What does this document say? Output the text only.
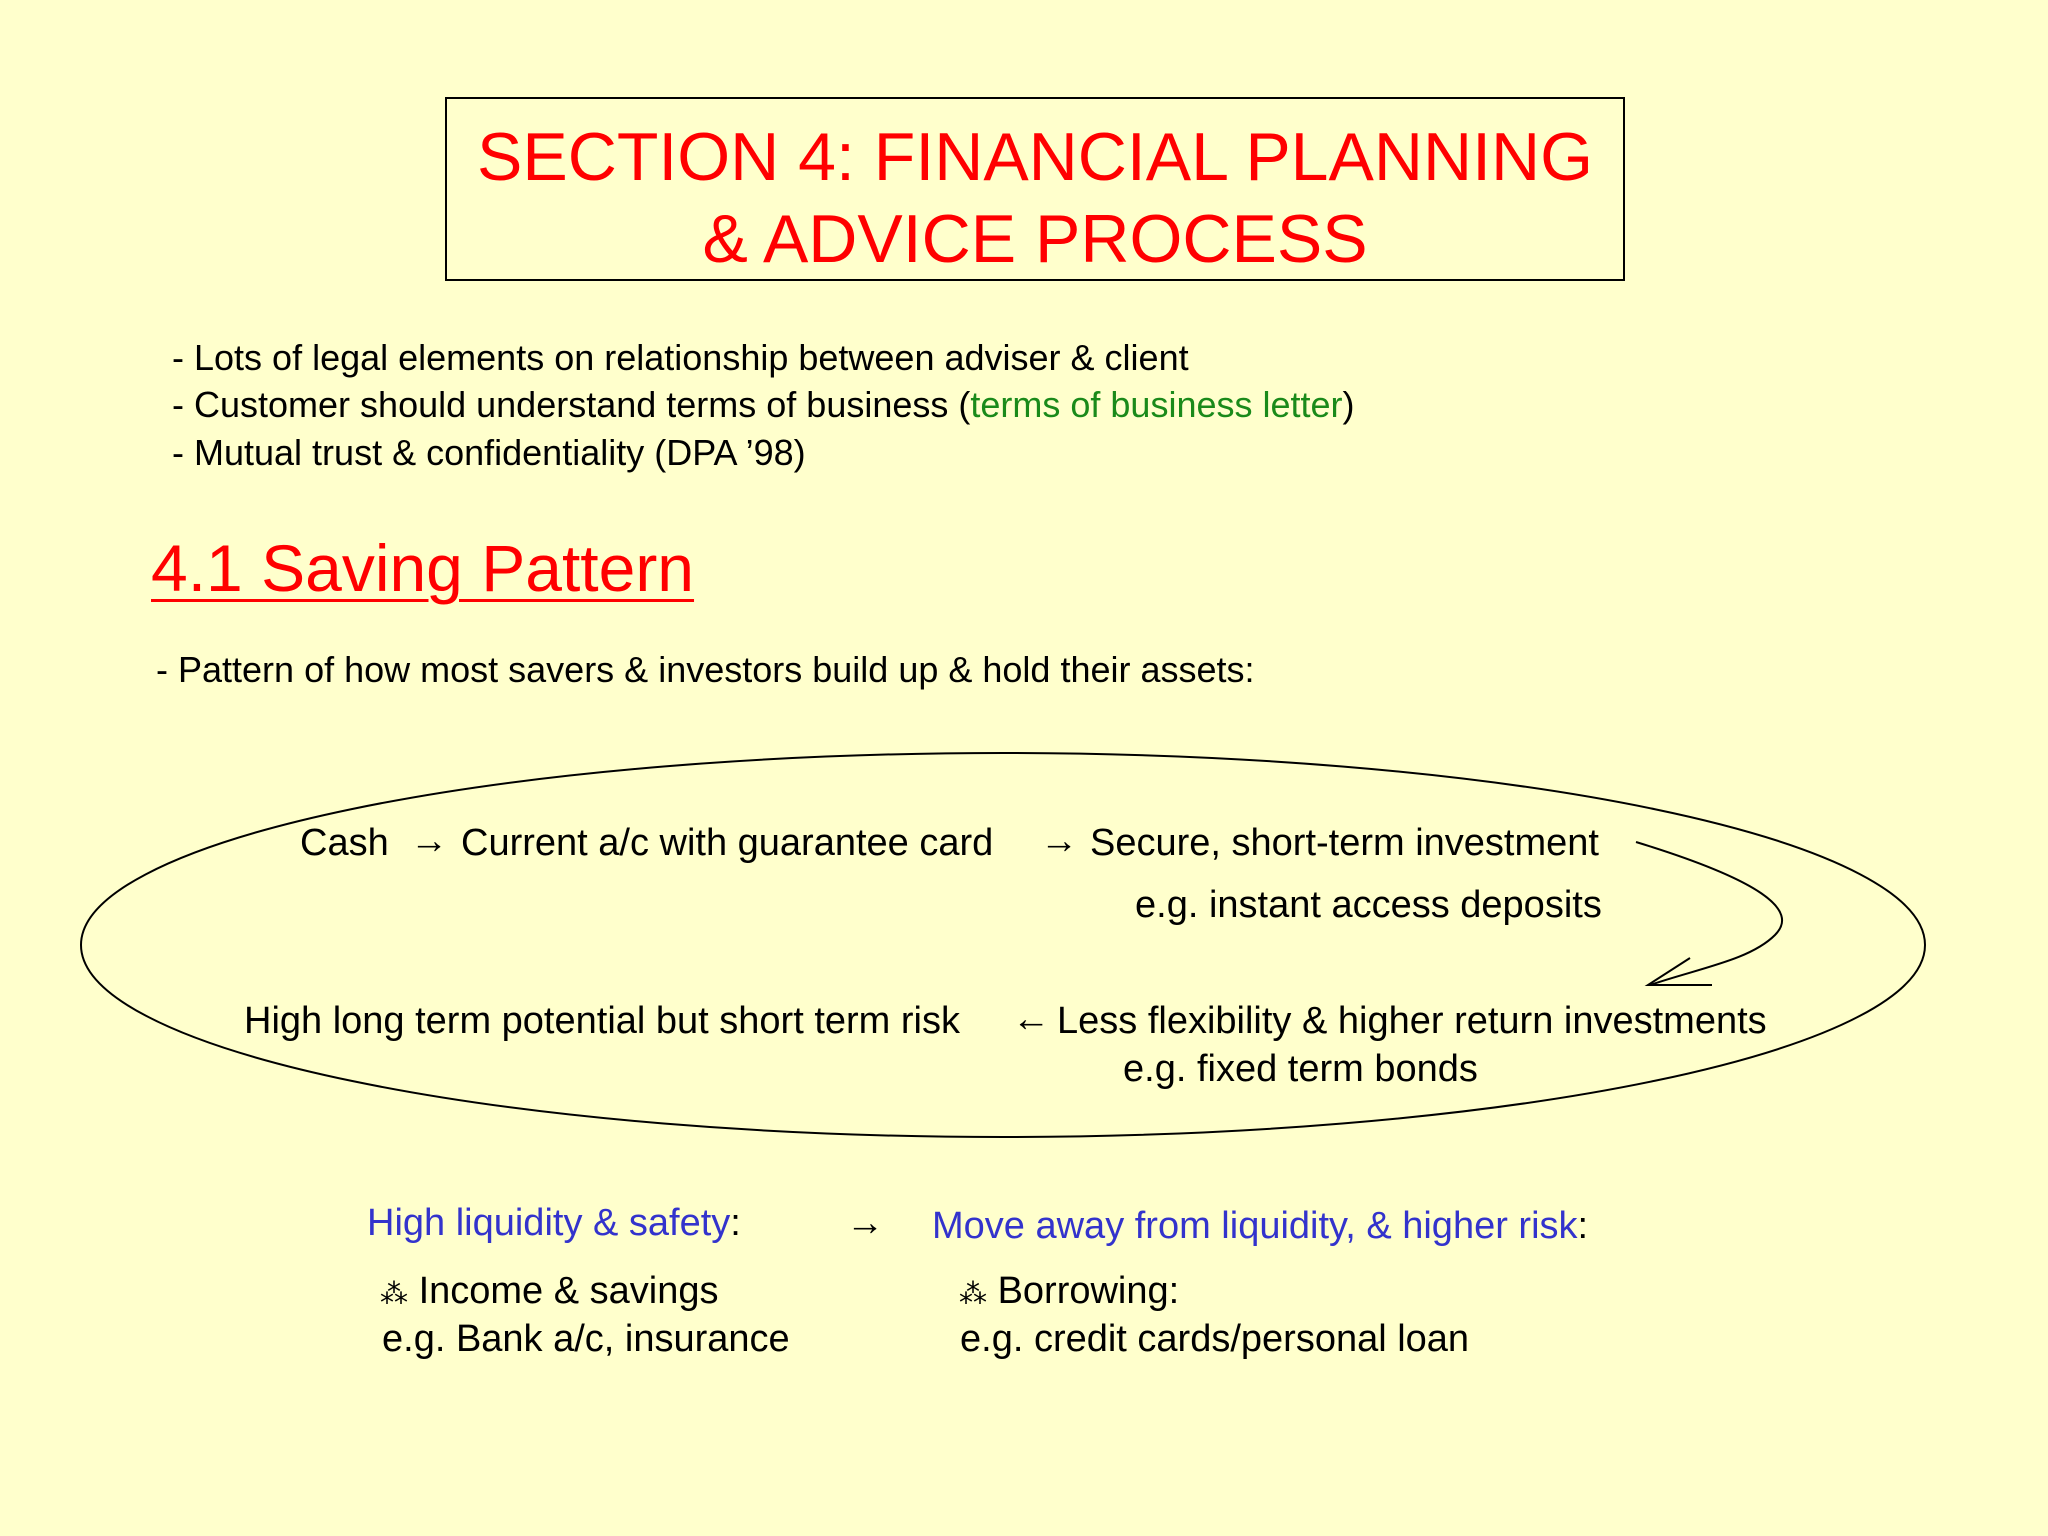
SECTION 4: FINANCIAL PLANNING
& ADVICE PROCESS
- Lots of legal elements on relationship between adviser & client
- Customer should understand terms of business (terms of business letter)
- Mutual trust & confidentiality (DPA ’98)
4.1 Saving Pattern
- Pattern of how most savers & investors build up & hold their assets:
Cash → Current a/c with guarantee card → Secure, short-term investment
e.g. instant access deposits
High long term potential but short term risk ← Less flexibility & higher return investments
e.g. fixed term bonds
High liquidity & safety:	→ Move away from liquidity, & higher risk:
⁂ Income & savings
e.g. Bank a/c, insurance
⁂ Borrowing:
e.g. credit cards/personal loan
